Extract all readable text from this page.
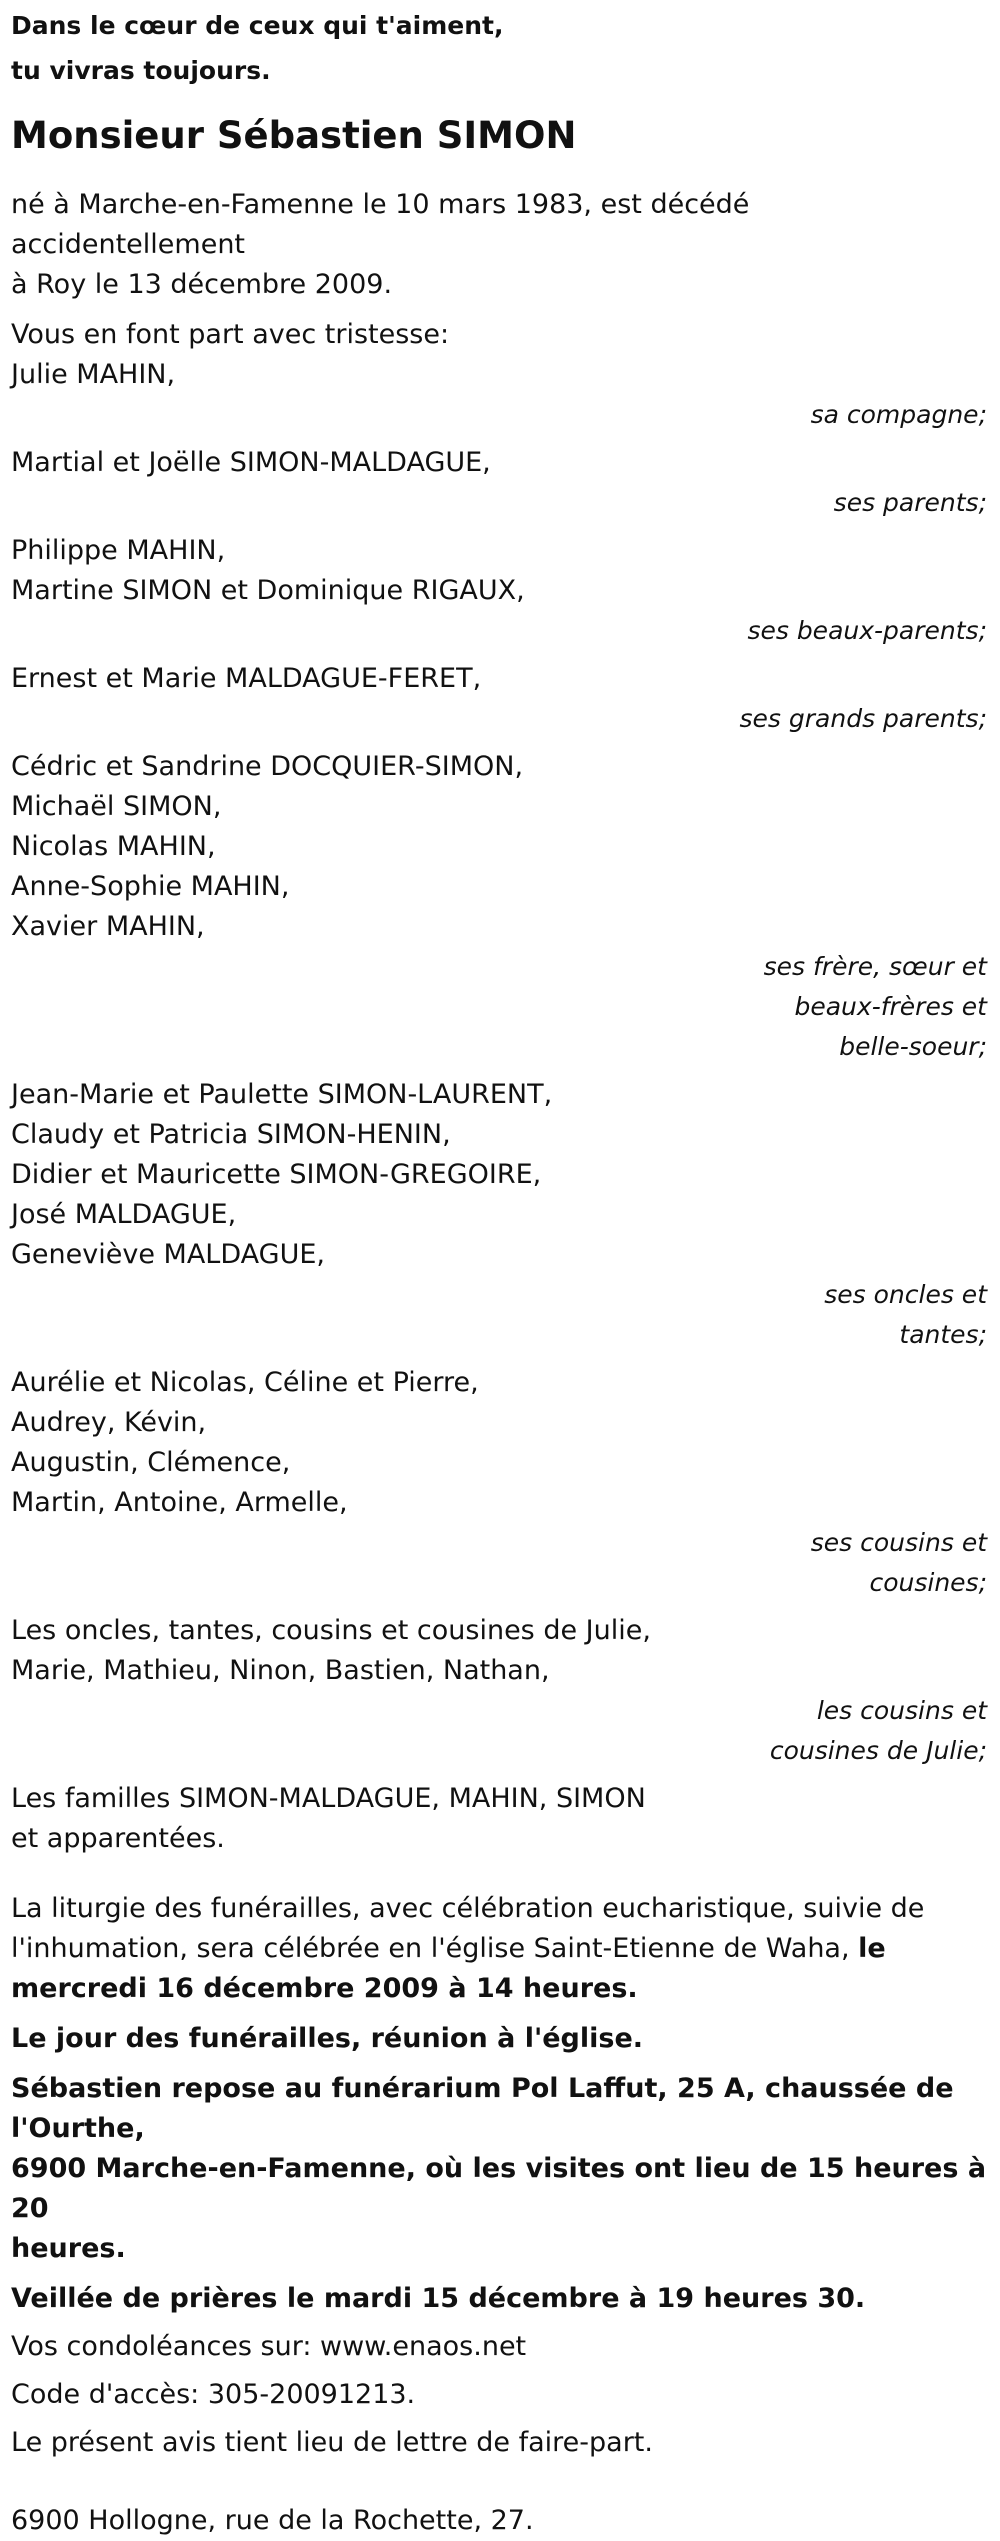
Dans le cœur de ceux qui t'aiment,
tu vivras toujours.
Monsieur Sébastien SIMON
né à Marche-en-Famenne le 10 mars 1983, est décédé accidentellement
à Roy le 13 décembre 2009.
Vous en font part avec tristesse:
Julie MAHIN,
sa compagne;
Martial et Joëlle SIMON-MALDAGUE,
ses parents;
Philippe MAHIN,
Martine SIMON et Dominique RIGAUX,
ses beaux-parents;
Ernest et Marie MALDAGUE-FERET,
ses grands parents;
Cédric et Sandrine DOCQUIER-SIMON,
Michaël SIMON,
Nicolas MAHIN,
Anne-Sophie MAHIN,
Xavier MAHIN,
ses frère, sœur et
beaux-frères et
belle-soeur;
Jean-Marie et Paulette SIMON-LAURENT,
Claudy et Patricia SIMON-HENIN,
Didier et Mauricette SIMON-GREGOIRE,
José MALDAGUE,
Geneviève MALDAGUE,
ses oncles et
tantes;
Aurélie et Nicolas, Céline et Pierre,
Audrey, Kévin,
Augustin, Clémence,
Martin, Antoine, Armelle,
ses cousins et
cousines;
Les oncles, tantes, cousins et cousines de Julie,
Marie, Mathieu, Ninon, Bastien, Nathan,
les cousins et
cousines de Julie;
Les familles SIMON-MALDAGUE, MAHIN, SIMON
et apparentées.
La liturgie des funérailles, avec célébration eucharistique, suivie de
l'inhumation, sera célébrée en l'église Saint-Etienne de Waha, le
mercredi 16 décembre 2009 à 14 heures.
Le jour des funérailles, réunion à l'église.
Sébastien repose au funérarium Pol Laffut, 25 A, chaussée de l'Ourthe,
6900 Marche-en-Famenne, où les visites ont lieu de 15 heures à 20
heures.
Veillée de prières le mardi 15 décembre à 19 heures 30.
Vos condoléances sur: www.enaos.net
Code d'accès: 305-20091213.
Le présent avis tient lieu de lettre de faire-part.
6900 Hollogne, rue de la Rochette, 27.
